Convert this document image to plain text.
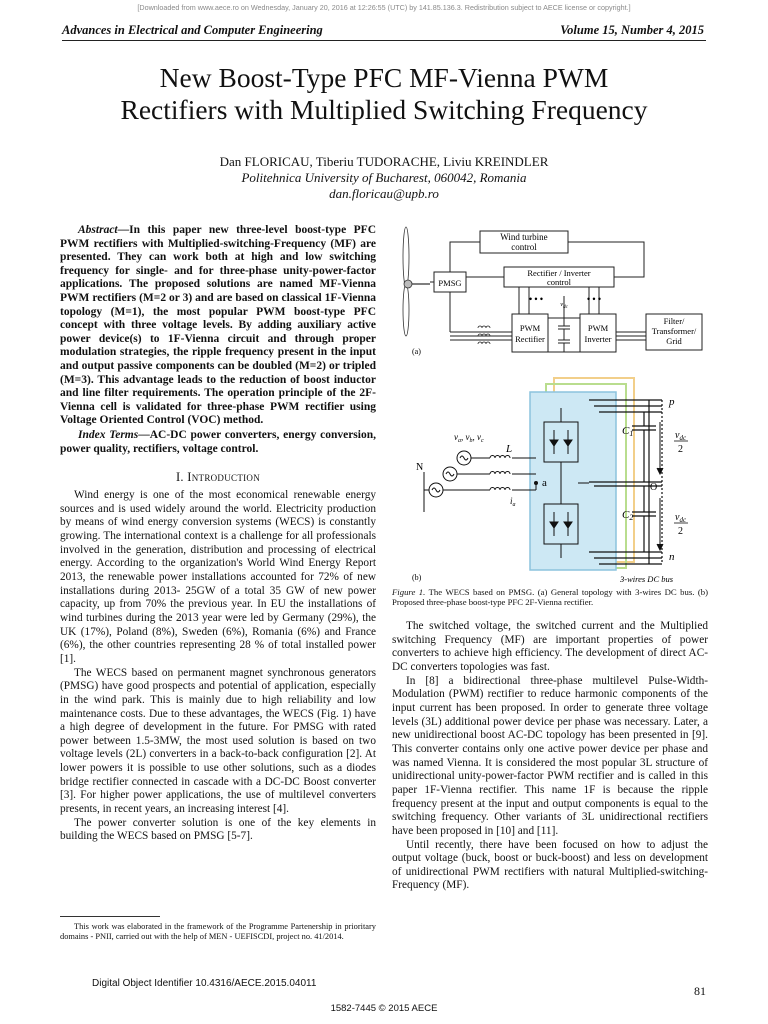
[Downloaded from www.aece.ro on Wednesday, January 20, 2016 at 12:26:55 (UTC) by 141.85.136.3. Redistribution subject to AECE license or copyright.]
Advances in Electrical and Computer Engineering	Volume 15, Number 4, 2015
New Boost-Type PFC MF-Vienna PWM
Rectifiers with Multiplied Switching Frequency
Dan FLORICAU, Tiberiu TUDORACHE, Liviu KREINDLER
Politehnica University of Bucharest, 060042, Romania
dan.floricau@upb.ro
Abstract—In this paper new three-level boost-type PFC PWM rectifiers with Multiplied-switching-Frequency (MF) are presented. They can work both at high and low switching frequency for single- and for three-phase unity-power-factor applications. The proposed solutions are named MF-Vienna PWM rectifiers (M=2 or 3) and are based on classical 1F-Vienna topology (M=1), the most popular PWM boost-type PFC concept with three voltage levels. By adding auxiliary active power device(s) to 1F-Vienna circuit and through proper modulation strategies, the ripple frequency present in the input and output passive components can be doubled (M=2) or tripled (M=3). This advantage leads to the reduction of boost inductor and line filter requirements. The operation principle of the 2F-Vienna cell is validated for three-phase PWM rectifier using Voltage Oriented Control (VOC) method.
Index Terms—AC-DC power converters, energy conversion, power quality, rectifiers, voltage control.
I. Introduction

Wind energy is one of the most economical renewable energy sources and is used widely around the world. Electricity production by means of wind energy conversion systems (WECS) is constantly growing. The international context is a challenge for all professionals involved in the generation, distribution and processing of electrical energy. According to the organization's World Wind Energy Report 2013, the renewable power installations accounted for 72% of new installations during 2013- 25GW of a total 35 GW of new power capacity, up from 70% the previous year. In EU the installations of wind turbines during the 2013 year were led by Germany (29%), the UK (17%), Poland (8%), Sweden (6%), Romania (6%) and France (6%), the other countries representing 28 % of total installed power [1].

The WECS based on permanent magnet synchronous generators (PMSG) have good prospects and potential of application, especially in the wind park. This is mainly due to high reliability and low maintenance costs. Due to these advantages, the WECS (Fig. 1) have a high degree of development in the future. For PMSG with rated power between 1.5-3MW, the most used solution is based on two voltage levels (2L) converters in a back-to-back configuration [2]. At lower powers it is possible to use other solutions, such as a diodes bridge rectifier connected in cascade with a DC-DC Boost converter [3]. For higher power applications, the use of multilevel converters presents, in recent years, an increasing interest [4].

The power converter solution is one of the key elements in building the WECS based on PMSG [5-7].

This work was elaborated in the framework of the Programme Partenership in prioritary domains - PNII, carried out with the help of MEN - UEFISCDI, project no. 41/2014.
Wind turbine
control
PMSG
Rectifier / Inverter
control
• • •	• • •
$v_{dc}$
PWM
Rectifier
PWM
Inverter
Filter/
Transformer/
Grid
(a)
p
n
O
C1
C2
$v_{dc}$
2
$v_{dc}$
2
a
N
L
$i_a$
$v_a$, $v_b$, $v_c$
(b)	3-wires DC bus
Figure 1. The WECS based on PMSG. (a) General topology with 3-wires DC bus. (b) Proposed three-phase boost-type PFC 2F-Vienna rectifier.

The switched voltage, the switched current and the Multiplied switching Frequency (MF) are important properties of power converters to achieve high efficiency. The development of direct AC-DC converters topologies was fast.

In [8] a bidirectional three-phase multilevel Pulse-Width-Modulation (PWM) rectifier to reduce harmonic components of the input current has been proposed. In order to generate three voltage levels (3L) additional power device per phase was necessary. Later, a new unidirectional boost AC-DC topology has been presented in [9]. This converter contains only one active power device per phase and was named Vienna. It is considered the most popular 3L structure of unidirectional unity-power-factor PWM rectifier and is called in this paper 1F-Vienna rectifier. This name 1F is because the ripple frequency present at the input and output components is equal to the switching frequency. Other variants of 3L unidirectional rectifiers have been proposed in [10] and [11].

Until recently, there have been focused on how to adjust the output voltage (buck, boost or buck-boost) and less on development of unidirectional PWM rectifiers with natural Multiplied-switching-Frequency (MF).

Digital Object Identifier 10.4316/AECE.2015.04011
81
1582-7445 © 2015 AECE
